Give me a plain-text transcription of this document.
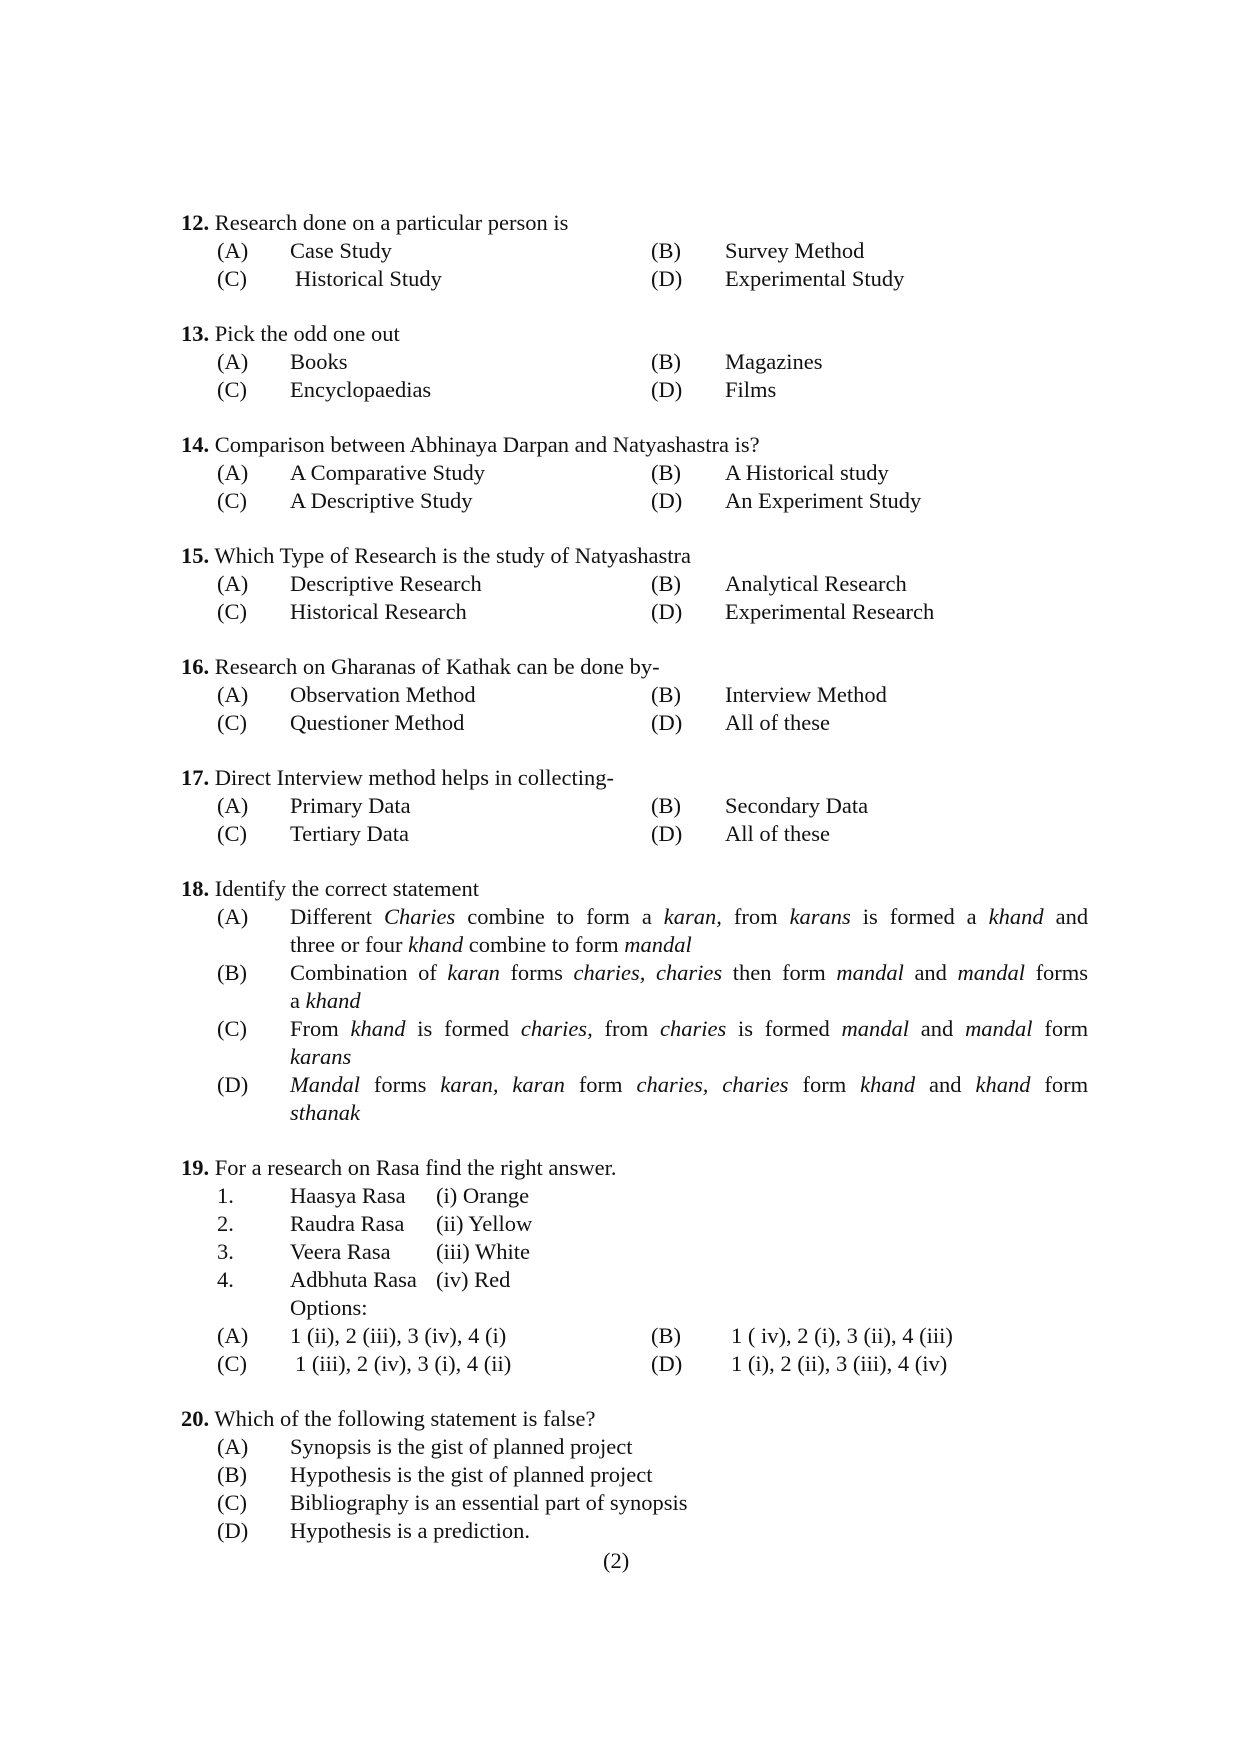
12. Research done on a particular person is
(A) Case Study	(B) Survey Method
(C) Historical Study	(D) Experimental Study
13. Pick the odd one out
(A) Books	(B) Magazines
(C) Encyclopaedias	(D) Films
14. Comparison between Abhinaya Darpan and Natyashastra is?
(A) A Comparative Study	(B) A Historical study
(C) A Descriptive Study	(D) An Experiment Study
15. Which Type of Research is the study of Natyashastra
(A) Descriptive Research	(B) Analytical Research
(C) Historical Research	(D) Experimental Research
16. Research on Gharanas of Kathak can be done by-
(A) Observation Method	(B) Interview Method
(C) Questioner Method	(D) All of these
17. Direct Interview method helps in collecting-
(A) Primary Data	(B) Secondary Data
(C) Tertiary Data	(D) All of these
18. Identify the correct statement
(A) Different Charies combine to form a karan, from karans is formed a khand and
three or four khand combine to form mandal
(B) Combination of karan forms charies, charies then form mandal and mandal forms
a khand
(C) From khand is formed charies, from charies is formed mandal and mandal form
karans
(D) Mandal forms karan, karan form charies, charies form khand and khand form
sthanak
19. For a research on Rasa find the right answer.
1. Haasya Rasa (i) Orange
2. Raudra Rasa (ii) Yellow
3. Veera Rasa (iii) White
4. Adbhuta Rasa (iv) Red
Options:
(A) 1 (ii), 2 (iii), 3 (iv), 4 (i)	(B) 1 ( iv), 2 (i), 3 (ii), 4 (iii)
(C) 1 (iii), 2 (iv), 3 (i), 4 (ii)	(D) 1 (i), 2 (ii), 3 (iii), 4 (iv)
20. Which of the following statement is false?
(A) Synopsis is the gist of planned project
(B) Hypothesis is the gist of planned project
(C) Bibliography is an essential part of synopsis
(D) Hypothesis is a prediction.
(2)
